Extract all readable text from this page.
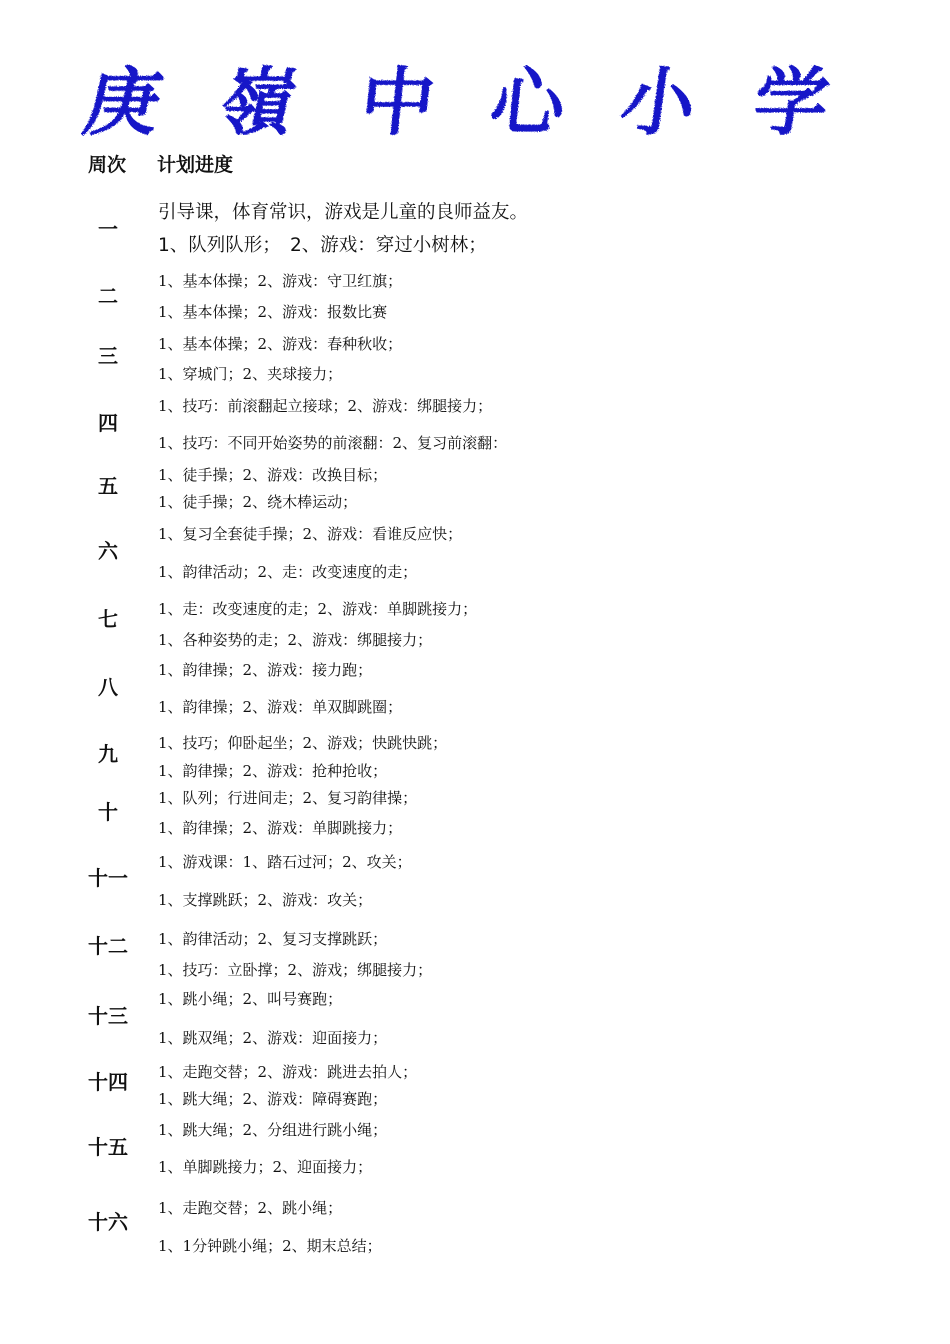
庚 嶺 中 心 小 学
周次 计划进度
一
二
三
四
五
六
七
八
九
十
十一
十二
十三
十四
十五
十六
引导课，体育常识，游戏是儿童的良师益友。
1、队列队形；　2、游戏：穿过小树林；
1、基本体操；2、游戏：守卫红旗；
1、基本体操；2、游戏：报数比赛
1、基本体操；2、游戏：春种秋收；
1、穿城门；2、夹球接力；
1、技巧：前滚翻起立接球；2、游戏：绑腿接力；
1、技巧：不同开始姿势的前滚翻：2、复习前滚翻：
1、徒手操；2、游戏：改换目标；
1、徒手操；2、绕木棒运动；
1、复习全套徒手操；2、游戏：看谁反应快；
1、韵律活动；2、走：改变速度的走；
1、走：改变速度的走；2、游戏：单脚跳接力；
1、各种姿势的走；2、游戏：绑腿接力；
1、韵律操；2、游戏：接力跑；
1、韵律操；2、游戏：单双脚跳圈；
1、技巧；仰卧起坐；2、游戏；快跳快跳；
1、韵律操；2、游戏：抢种抢收；
1、队列；行进间走；2、复习韵律操；
1、韵律操；2、游戏：单脚跳接力；
1、游戏课：1、踏石过河；2、攻关；
1、支撑跳跃；2、游戏：攻关；
1、韵律活动；2、复习支撑跳跃；
1、技巧：立卧撑；2、游戏；绑腿接力；
1、跳小绳；2、叫号赛跑；
1、跳双绳；2、游戏：迎面接力；
1、走跑交替；2、游戏：跳进去拍人；
1、跳大绳；2、游戏：障碍赛跑；
1、跳大绳；2、分组进行跳小绳；
1、单脚跳接力；2、迎面接力；
1、走跑交替；2、跳小绳；
1、1分钟跳小绳；2、期末总结；
